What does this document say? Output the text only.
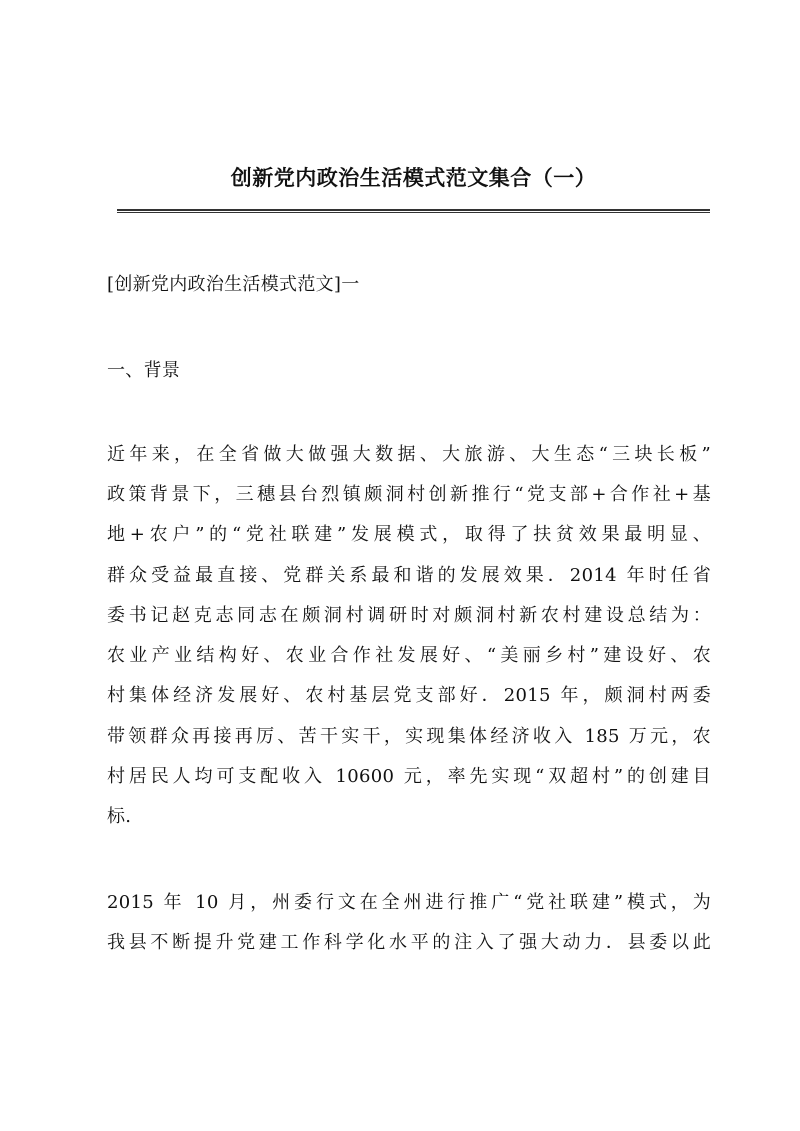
创新党内政治生活模式范文集合（一）
[创新党内政治生活模式范文]一
一、背景
近年来，在全省做大做强大数据、大旅游、大生态“三块长板”
政策背景下，三穗县台烈镇颇洞村创新推行“党支部+合作社+基
地+农户”的“党社联建”发展模式，取得了扶贫效果最明显、
群众受益最直接、党群关系最和谐的发展效果．2014 年时任省
委书记赵克志同志在颇洞村调研时对颇洞村新农村建设总结为：
农业产业结构好、农业合作社发展好、“美丽乡村”建设好、农
村集体经济发展好、农村基层党支部好．2015 年，颇洞村两委
带领群众再接再厉、苦干实干，实现集体经济收入 185 万元，农
村居民人均可支配收入 10600 元，率先实现“双超村”的创建目
标.
2015 年 10 月，州委行文在全州进行推广“党社联建”模式，为
我县不断提升党建工作科学化水平的注入了强大动力．县委以此
